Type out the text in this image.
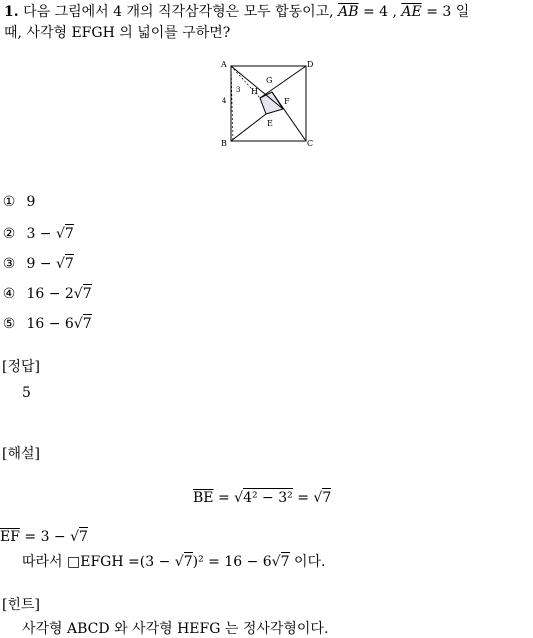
1. 다음 그림에서 4 개의 직각삼각형은 모두 합동이고, $\overline{AB} = 4$ , $\overline{AE} = 3$ 일
때, 사각형 EFGH 의 넓이를 구하면?
A	D
B	C
H
G
F
E
3
4
① 9
② 3 − √7
③ 9 − √7
④ 16 − 2√7
⑤ 16 − 6√7
[정답]
5
[해설]
$\overline{BE} = √4^2 - 3^2 = √7$
$\overline{EF} = 3 - √7$
따라서 □EFGH =(3 − √7)² = 16 − 6√7 이다.
[힌트]
사각형 ABCD 와 사각형 HEFG 는 정사각형이다.
